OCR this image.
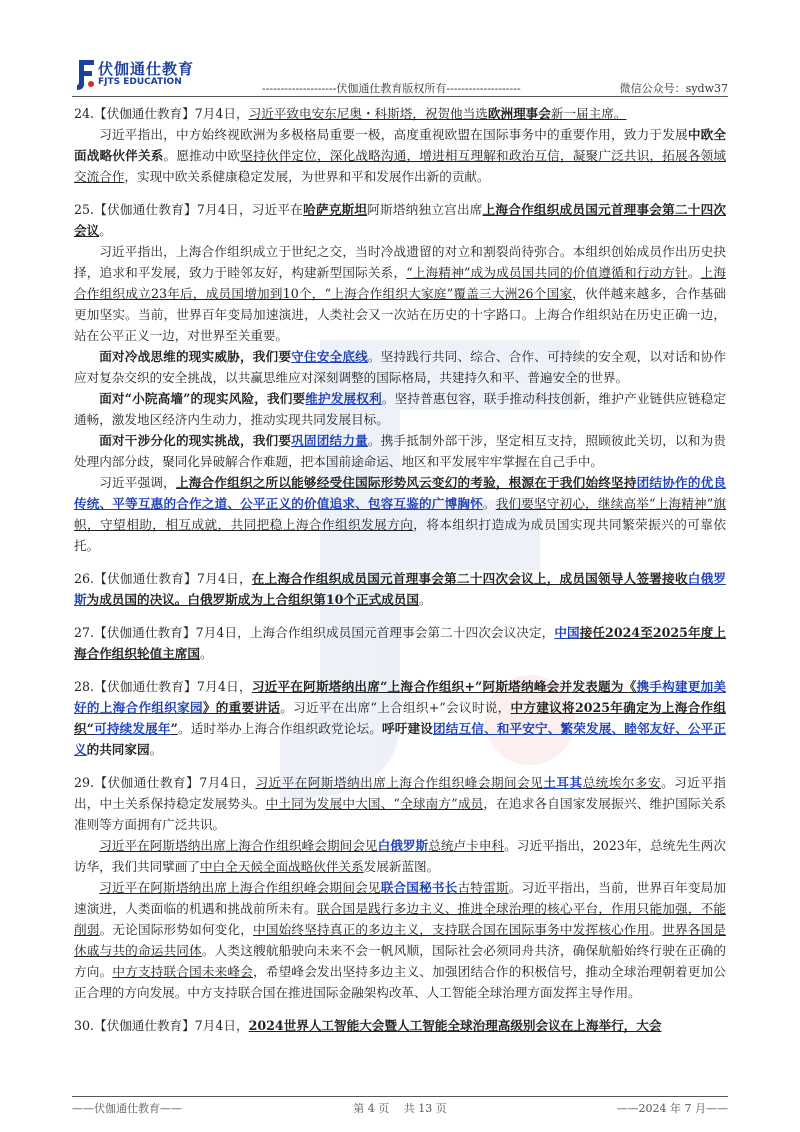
伏伽通仕教育
FJTS EDUCATION	--------------------伏伽通仕教育版权所有--------------------	微信公众号：sydw37

24.【伏伽通仕教育】7月4日，习近平致电安东尼奥・科斯塔，祝贺他当选欧洲理事会新一届主席。

习近平指出，中方始终视欧洲为多极格局重要一极，高度重视欧盟在国际事务中的重要作用，致力于发展中欧全面战略伙伴关系。愿推动中欧坚持伙伴定位，深化战略沟通，增进相互理解和政治互信，凝聚广泛共识，拓展各领域交流合作，实现中欧关系健康稳定发展，为世界和平和发展作出新的贡献。

25.【伏伽通仕教育】7月4日，习近平在哈萨克斯坦阿斯塔纳独立宫出席上海合作组织成员国元首理事会第二十四次会议。

习近平指出，上海合作组织成立于世纪之交，当时冷战遗留的对立和割裂尚待弥合。本组织创始成员作出历史抉择，追求和平发展，致力于睦邻友好，构建新型国际关系，“上海精神”成为成员国共同的价值遵循和行动方针。上海合作组织成立23年后，成员国增加到10个，“上海合作组织大家庭”覆盖三大洲26个国家，伙伴越来越多，合作基础更加坚实。当前，世界百年变局加速演进，人类社会又一次站在历史的十字路口。上海合作组织站在历史正确一边，站在公平正义一边，对世界至关重要。

面对冷战思维的现实威胁，我们要守住安全底线。坚持践行共同、综合、合作、可持续的安全观，以对话和协作应对复杂交织的安全挑战，以共赢思维应对深刻调整的国际格局，共建持久和平、普遍安全的世界。

面对“小院高墙”的现实风险，我们要维护发展权利。坚持普惠包容，联手推动科技创新，维护产业链供应链稳定通畅，激发地区经济内生动力，推动实现共同发展目标。

面对干涉分化的现实挑战，我们要巩固团结力量。携手抵制外部干涉，坚定相互支持，照顾彼此关切，以和为贵处理内部分歧，聚同化异破解合作难题，把本国前途命运、地区和平发展牢牢掌握在自己手中。

习近平强调，上海合作组织之所以能够经受住国际形势风云变幻的考验，根源在于我们始终坚持团结协作的优良传统、平等互惠的合作之道、公平正义的价值追求、包容互鉴的广博胸怀。我们要坚守初心，继续高举“上海精神”旗帜，守望相助，相互成就，共同把稳上海合作组织发展方向，将本组织打造成为成员国实现共同繁荣振兴的可靠依托。

26.【伏伽通仕教育】7月4日，在上海合作组织成员国元首理事会第二十四次会议上，成员国领导人签署接收白俄罗斯为成员国的决议。白俄罗斯成为上合组织第10个正式成员国。

27.【伏伽通仕教育】7月4日，上海合作组织成员国元首理事会第二十四次会议决定，中国接任2024至2025年度上海合作组织轮值主席国。

28.【伏伽通仕教育】7月4日，习近平在阿斯塔纳出席“上海合作组织+”阿斯塔纳峰会并发表题为《携手构建更加美好的上海合作组织家园》的重要讲话。习近平在出席“上合组织+”会议时说，中方建议将2025年确定为上海合作组织“可持续发展年”。适时举办上海合作组织政党论坛。呼吁建设团结互信、和平安宁、繁荣发展、睦邻友好、公平正义的共同家园。

29.【伏伽通仕教育】7月4日，习近平在阿斯塔纳出席上海合作组织峰会期间会见土耳其总统埃尔多安。习近平指出，中土关系保持稳定发展势头。中土同为发展中大国、“全球南方”成员，在追求各自国家发展振兴、维护国际关系准则等方面拥有广泛共识。

习近平在阿斯塔纳出席上海合作组织峰会期间会见白俄罗斯总统卢卡申科。习近平指出，2023年，总统先生两次访华，我们共同擘画了中白全天候全面战略伙伴关系发展新蓝图。

习近平在阿斯塔纳出席上海合作组织峰会期间会见联合国秘书长古特雷斯。习近平指出，当前，世界百年变局加速演进，人类面临的机遇和挑战前所未有。联合国是践行多边主义、推进全球治理的核心平台，作用只能加强，不能削弱。无论国际形势如何变化，中国始终坚持真正的多边主义，支持联合国在国际事务中发挥核心作用。世界各国是休戚与共的命运共同体。人类这艘航船驶向未来不会一帆风顺，国际社会必须同舟共济，确保航船始终行驶在正确的方向。中方支持联合国未来峰会，希望峰会发出坚持多边主义、加强团结合作的积极信号，推动全球治理朝着更加公正合理的方向发展。中方支持联合国在推进国际金融架构改革、人工智能全球治理方面发挥主导作用。

30.【伏伽通仕教育】7月4日，2024世界人工智能大会暨人工智能全球治理高级别会议在上海举行，大会

——伏伽通仕教育——	第 4 页　 共 13 页	——2024 年 7 月——
